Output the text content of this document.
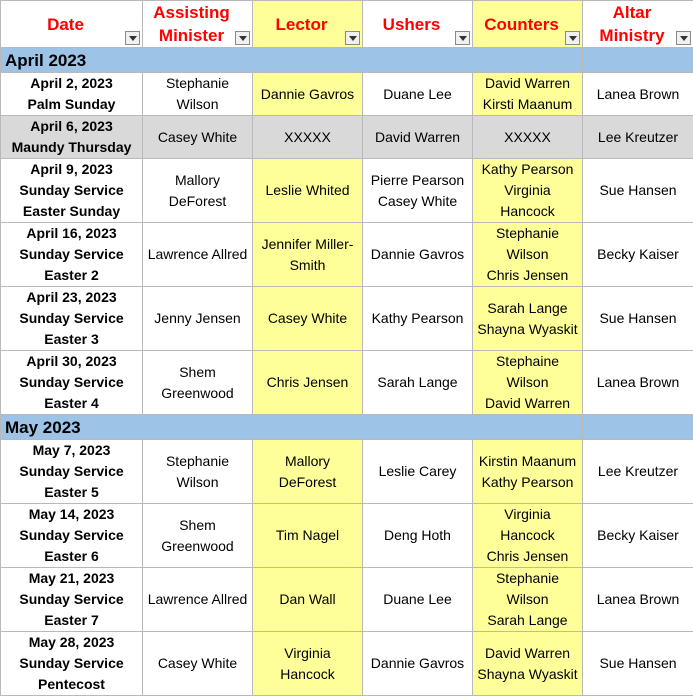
Date	Assisting
Minister	Lector	Ushers	Counters	Altar
Ministry

April 2023					

April 2, 2023
Palm Sunday	Stephanie
Wilson	Dannie Gavros	Duane Lee	David Warren
Kirsti Maanum	Lanea Brown

April 6, 2023
Maundy Thursday	Casey White	XXXXX	David Warren	XXXXX	Lee Kreutzer

April 9, 2023
Sunday Service
Easter Sunday	Mallory
DeForest	Leslie Whited	Pierre Pearson
Casey White	Kathy Pearson
Virginia
Hancock	Sue Hansen

April 16, 2023
Sunday Service
Easter 2	Lawrence Allred	Jennifer Miller-
Smith	Dannie Gavros	Stephanie
Wilson
Chris Jensen	Becky Kaiser

April 23, 2023
Sunday Service
Easter 3	Jenny Jensen	Casey White	Kathy Pearson	Sarah Lange
Shayna Wyaskit	Sue Hansen

April 30, 2023
Sunday Service
Easter 4	Shem
Greenwood	Chris Jensen	Sarah Lange	Stephaine
Wilson
David Warren	Lanea Brown

May 2023					

May 7, 2023
Sunday Service
Easter 5	Stephanie
Wilson	Mallory
DeForest	Leslie Carey	Kirstin Maanum
Kathy Pearson	Lee Kreutzer

May 14, 2023
Sunday Service
Easter 6	Shem
Greenwood	Tim Nagel	Deng Hoth	Virginia
Hancock
Chris Jensen	Becky Kaiser

May 21, 2023
Sunday Service
Easter 7	Lawrence Allred	Dan Wall	Duane Lee	Stephanie
Wilson
Sarah Lange	Lanea Brown

May 28, 2023
Sunday Service
Pentecost	Casey White	Virginia
Hancock	Dannie Gavros	David Warren
Shayna Wyaskit	Sue Hansen
